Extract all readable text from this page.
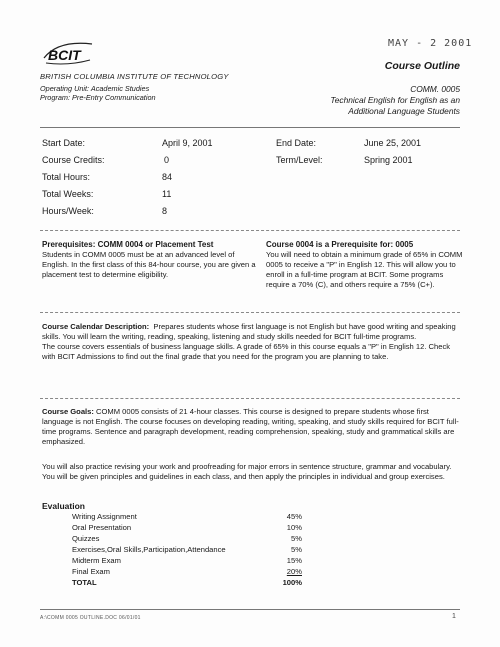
BCIT
MAY - 2 2001
BRITISH COLUMBIA INSTITUTE OF TECHNOLOGY
Operating Unit: Academic Studies
Program: Pre-Entry Communication
Course Outline
COMM. 0005
Technical English for English as an
Additional Language Students
Start Date:	April 9, 2001
Course Credits:	0
Total Hours:	84
Total Weeks:	11
Hours/Week:	8
End Date:	June 25, 2001
Term/Level:	Spring 2001
Prerequisites: COMM 0004 or Placement Test
Students in COMM 0005 must be at an advanced level of English. In the first class of this 84-hour course, you are given a placement test to determine eligibility.
Course 0004 is a Prerequisite for: 0005
You will need to obtain a minimum grade of 65% in COMM 0005 to receive a "P" in English 12. This will allow you to enroll in a full-time program at BCIT. Some programs require a 70% (C), and others require a 75% (C+).
Course Calendar Description: Prepares students whose first language is not English but have good writing and speaking skills. You will learn the writing, reading, speaking, listening and study skills needed for BCIT full-time programs.
The course covers essentials of business language skills. A grade of 65% in this course equals a "P" in English 12. Check with BCIT Admissions to find out the final grade that you need for the program you are planning to take.
Course Goals: COMM 0005 consists of 21 4-hour classes. This course is designed to prepare students whose first language is not English. The course focuses on developing reading, writing, speaking, and study skills required for BCIT full-time programs. Sentence and paragraph development, reading comprehension, speaking, study and grammatical skills are emphasized.
You will also practice revising your work and proofreading for major errors in sentence structure, grammar and vocabulary. You will be given principles and guidelines in each class, and then apply the principles in individual and group exercises.
Evaluation
Writing Assignment	45%
Oral Presentation	10%
Quizzes	5%
Exercises,Oral Skills,Participation,Attendance	5%
Midterm Exam	15%
Final Exam	20%
TOTAL	100%
A:\COMM 0005 OUTLINE.DOC 06/01/01	1
